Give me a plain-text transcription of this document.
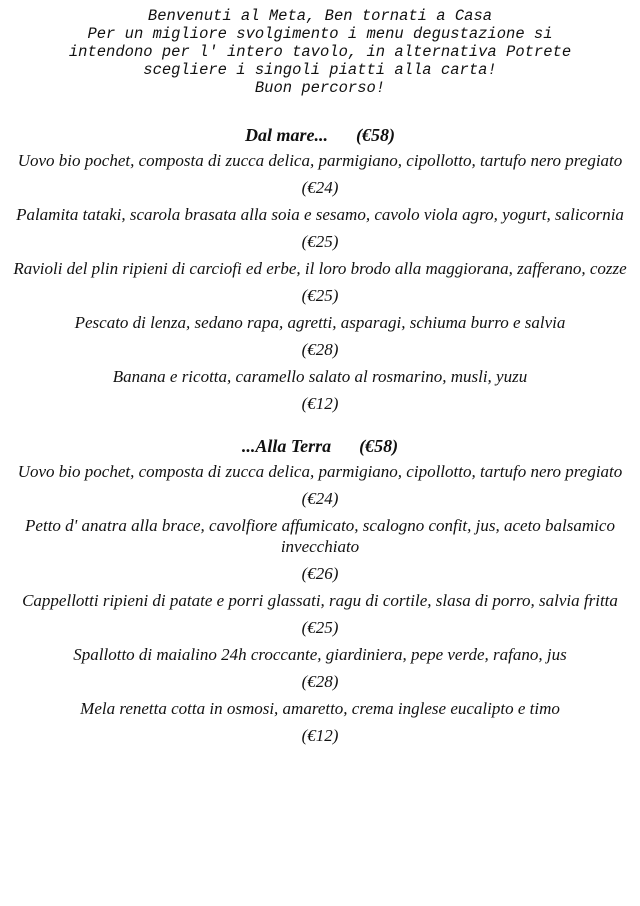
Benvenuti al Meta, Ben tornati a Casa
Per un migliore svolgimento i menu degustazione si
intendono per l' intero tavolo, in alternativa Potrete
scegliere i singoli piatti alla carta!
Buon percorso!
Dal mare... (€58)
Uovo bio pochet, composta di zucca delica, parmigiano, cipollotto, tartufo nero pregiato
(€24)
Palamita tataki, scarola brasata alla soia e sesamo, cavolo viola agro, yogurt, salicornia
(€25)
Ravioli del plin ripieni di carciofi ed erbe, il loro brodo alla maggiorana, zafferano, cozze
(€25)
Pescato di lenza, sedano rapa, agretti, asparagi, schiuma burro e salvia
(€28)
Banana e ricotta, caramello salato al rosmarino, musli, yuzu
(€12)
...Alla Terra (€58)
Uovo bio pochet, composta di zucca delica, parmigiano, cipollotto, tartufo nero pregiato
(€24)
Petto d' anatra alla brace, cavolfiore affumicato, scalogno confit, jus, aceto balsamico invecchiato
(€26)
Cappellotti ripieni di patate e porri glassati, ragu di cortile, slasa di porro, salvia fritta
(€25)
Spallotto di maialino 24h croccante, giardiniera, pepe verde, rafano, jus
(€28)
Mela renetta cotta in osmosi, amaretto, crema inglese eucalipto e timo
(€12)
